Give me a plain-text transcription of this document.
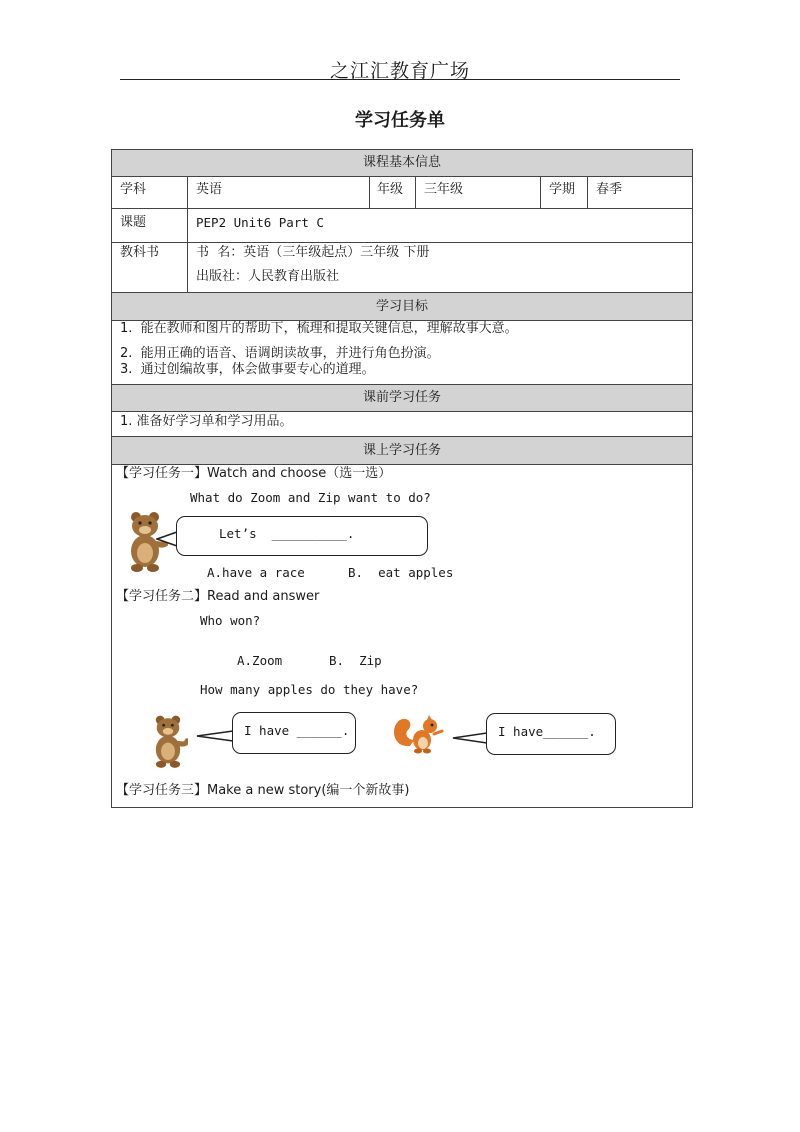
之江汇教育广场
学习任务单
课程基本信息
学科	英语	年级 三年级	学期 春季
课题	PEP2 Unit6 Part C
教科书	书  名：英语（三年级起点）三年级 下册
出版社：人民教育出版社
学习目标
1.  能在教师和图片的帮助下，梳理和提取关键信息，理解故事大意。
2.  能用正确的语音、语调朗读故事，并进行角色扮演。
3.  通过创编故事，体会做事要专心的道理。
课前学习任务
1. 准备好学习单和学习用品。
课上学习任务
【学习任务一】Watch and choose（选一选）
What do Zoom and Zip want to do?
Let’s  __________.
A.have a race	B.  eat apples
【学习任务二】Read and answer
Who won?
A.Zoom	B.  Zip
How many apples do they have?
I have ______.	I have______.
【学习任务三】Make a new story(编一个新故事)
